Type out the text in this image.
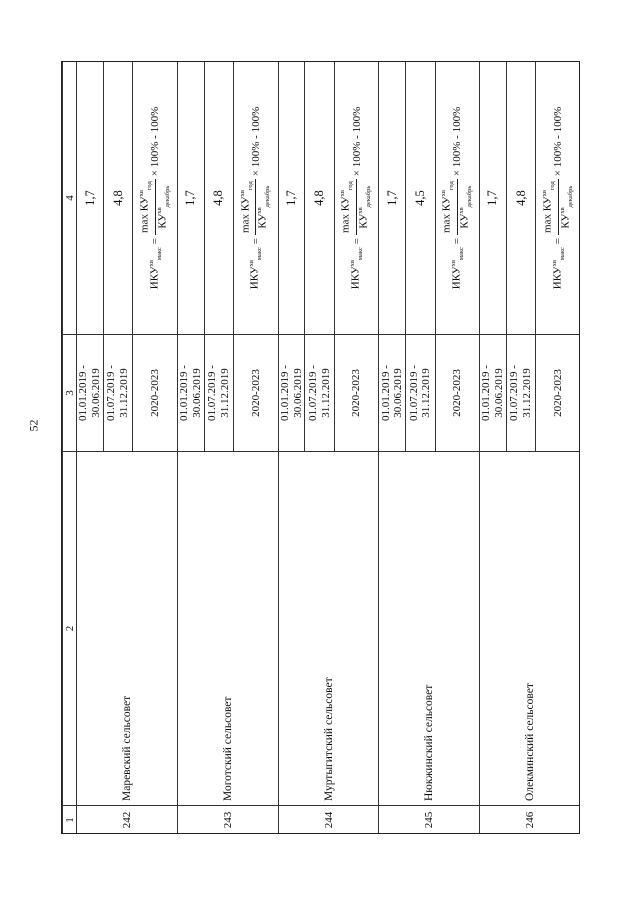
52
1	2	3	4
242	Маревский сельсовет	01.01.2019 - 30.06.2019	1,7

		01.07.2019 - 31.12.2019	4,8
		2020-2023	$ИКУ^{хв}_{макс}$
=
$\max КУ^{хв}_{год}$
$КУ^{хв}_{декабрь}$
× 100% - 100%

243	Моготский сельсовет	01.01.2019 - 30.06.2019	1,7

		01.07.2019 - 31.12.2019	4,8
		2020-2023	$ИКУ^{хв}_{макс}$
=
$\max КУ^{хв}_{год}$
$КУ^{хв}_{декабрь}$
× 100% - 100%

244	Муртыгитский сельсовет	01.01.2019 - 30.06.2019	1,7

		01.07.2019 - 31.12.2019	4,8
		2020-2023	$ИКУ^{хв}_{макс}$
=
$\max КУ^{хв}_{год}$
$КУ^{хв}_{декабрь}$
× 100% - 100%

245	Нюкжинский сельсовет	01.01.2019 - 30.06.2019	1,7

		01.07.2019 - 31.12.2019	4,5
		2020-2023	$ИКУ^{хв}_{макс}$
=
$\max КУ^{хв}_{год}$
$КУ^{хв}_{декабрь}$
× 100% - 100%

246	Олекминский сельсовет	01.01.2019 - 30.06.2019	1,7

		01.07.2019 - 31.12.2019	4,8
		2020-2023	$ИКУ^{хв}_{макс}$
=
$\max КУ^{хв}_{год}$
$КУ^{хв}_{декабрь}$
× 100% - 100%
